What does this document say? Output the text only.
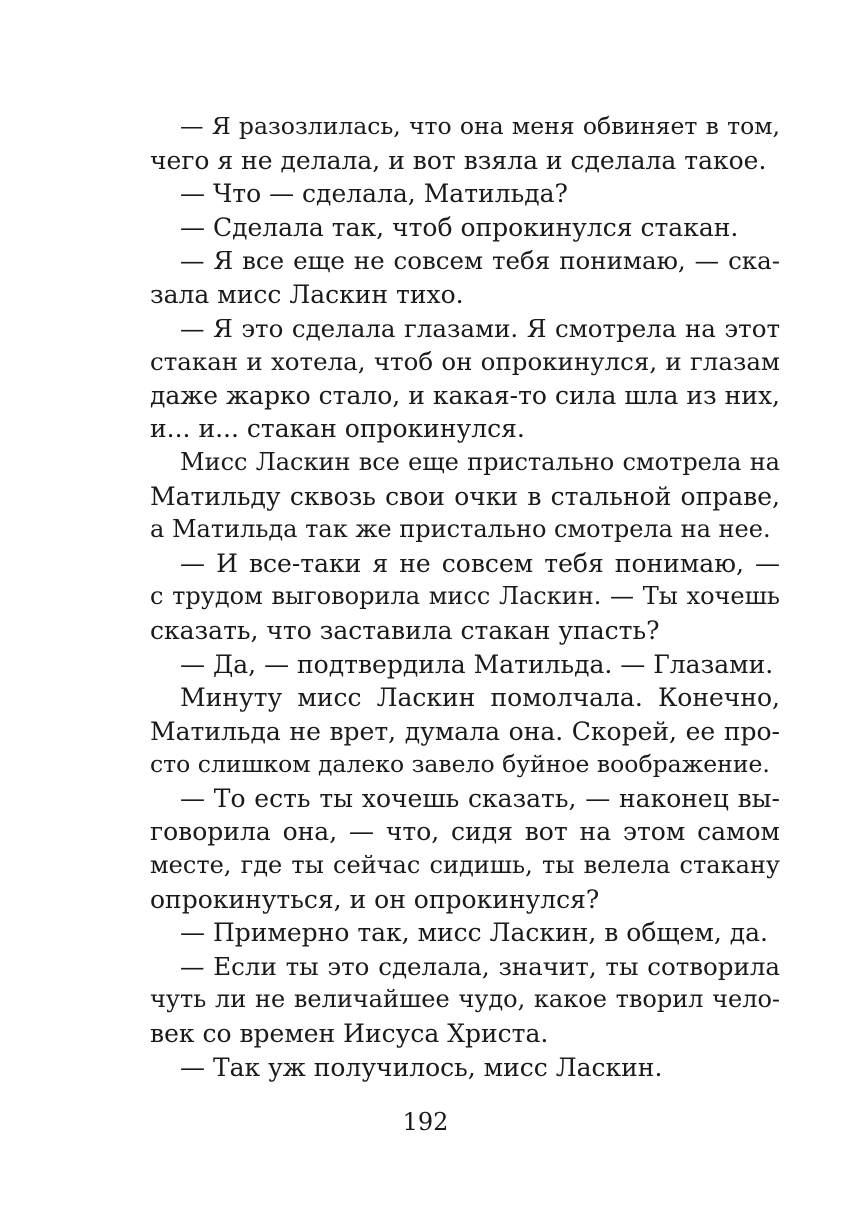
— Я разозлилась, что она меня обвиняет в том,
чего я не делала, и вот взяла и сделала такое.
— Что — сделала, Матильда?
— Сделала так, чтоб опрокинулся стакан.
— Я все еще не совсем тебя понимаю, — ска-
зала мисс Ласкин тихо.
— Я это сделала глазами. Я смотрела на этот
стакан и хотела, чтоб он опрокинулся, и глазам
даже жарко стало, и какая-то сила шла из них,
и... и... стакан опрокинулся.
Мисс Ласкин все еще пристально смотрела на
Матильду сквозь свои очки в стальной оправе,
а Матильда так же пристально смотрела на нее.
— И все-таки я не совсем тебя понимаю, —
с трудом выговорила мисс Ласкин. — Ты хочешь
сказать, что заставила стакан упасть?
— Да, — подтвердила Матильда. — Глазами.
Минуту мисс Ласкин помолчала. Конечно,
Матильда не врет, думала она. Скорей, ее про-
сто слишком далеко завело буйное воображение.
— То есть ты хочешь сказать, — наконец вы-
говорила она, — что, сидя вот на этом самом
месте, где ты сейчас сидишь, ты велела стакану
опрокинуться, и он опрокинулся?
— Примерно так, мисс Ласкин, в общем, да.
— Если ты это сделала, значит, ты сотворила
чуть ли не величайшее чудо, какое творил чело-
век со времен Иисуса Христа.
— Так уж получилось, мисс Ласкин.
192
